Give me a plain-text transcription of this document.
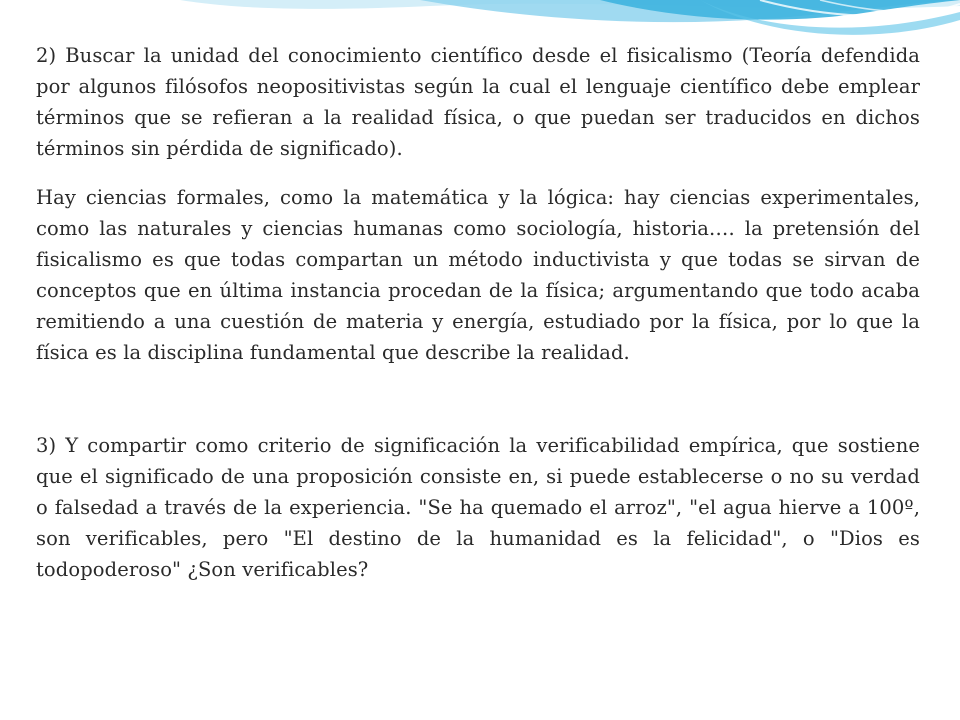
2) Buscar la unidad del conocimiento científico desde el fisicalismo (Teoría defendida por algunos filósofos neopositivistas según la cual el lenguaje científico debe emplear términos que se refieran a la realidad física, o que puedan ser traducidos en dichos términos sin pérdida de significado).

Hay ciencias formales, como la matemática y la lógica: hay ciencias experimentales, como las naturales y ciencias humanas como sociología, historia…. la pretensión del fisicalismo es que todas compartan un método inductivista y que todas se sirvan de conceptos que en última instancia procedan de la física; argumentando que todo acaba remitiendo a una cuestión de materia y energía, estudiado por la física, por lo que la física es la disciplina fundamental que describe la realidad.

3) Y compartir como criterio de significación la verificabilidad empírica, que sostiene que el significado de una proposición consiste en, si puede establecerse o no su verdad o falsedad a través de la experiencia. "Se ha quemado el arroz", "el agua hierve a 100º, son verificables, pero "El destino de la humanidad es la felicidad", o "Dios es todopoderoso" ¿Son verificables?
